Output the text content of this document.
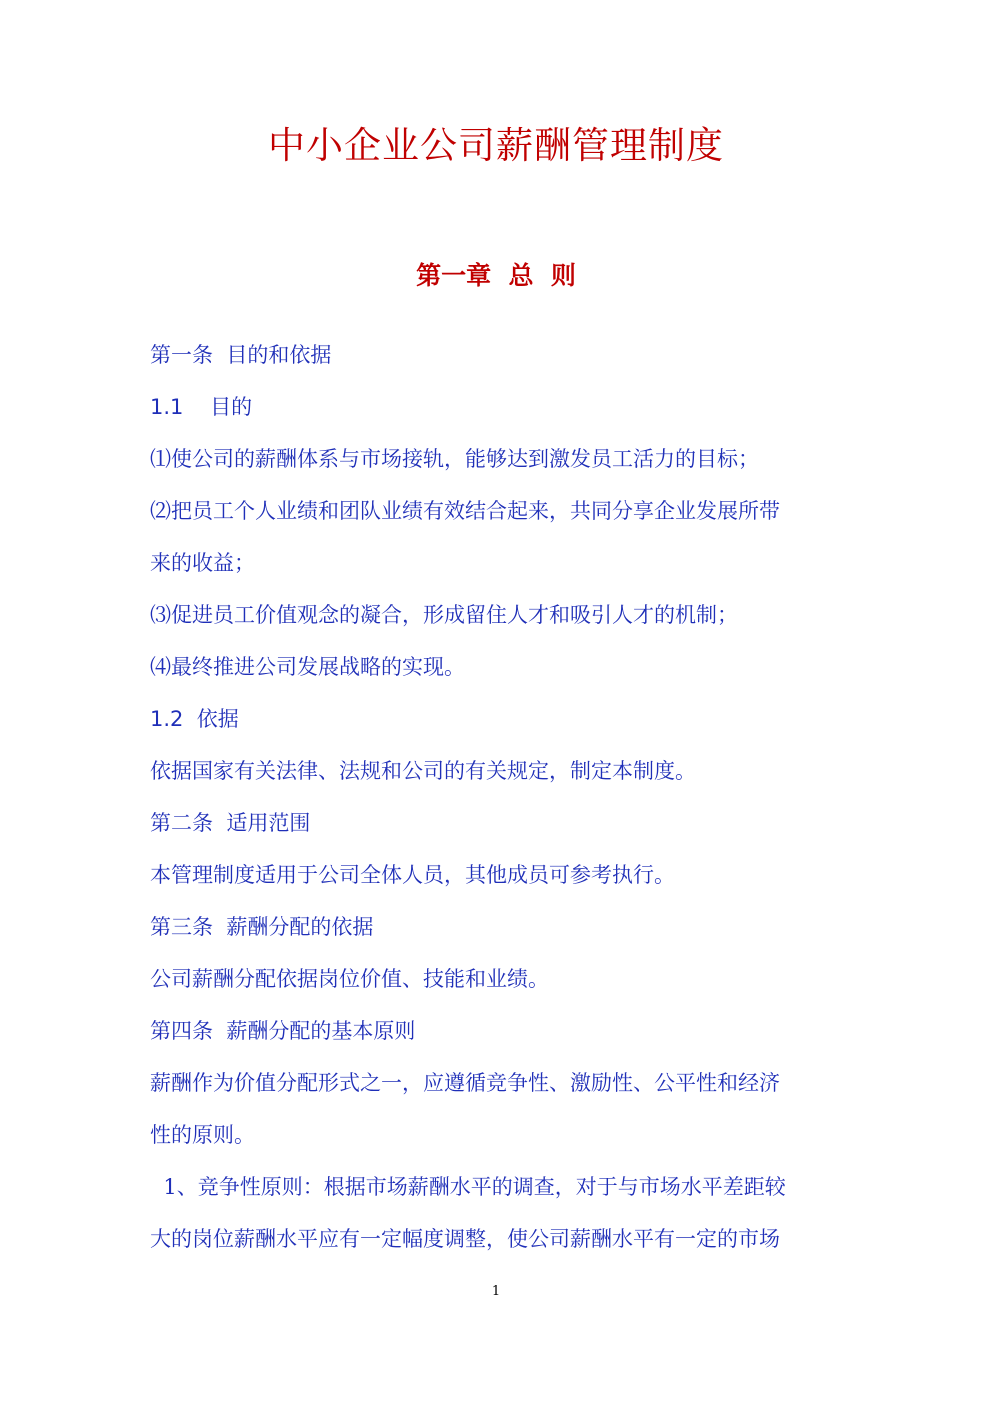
中小企业公司薪酬管理制度
第一章  总  则
第一条  目的和依据
1.1    目的
⑴使公司的薪酬体系与市场接轨，能够达到激发员工活力的目标；
⑵把员工个人业绩和团队业绩有效结合起来，共同分享企业发展所带
来的收益；
⑶促进员工价值观念的凝合，形成留住人才和吸引人才的机制；
⑷最终推进公司发展战略的实现。
1.2  依据
依据国家有关法律、法规和公司的有关规定，制定本制度。
第二条  适用范围
本管理制度适用于公司全体人员，其他成员可参考执行。
第三条  薪酬分配的依据
公司薪酬分配依据岗位价值、技能和业绩。
第四条  薪酬分配的基本原则
薪酬作为价值分配形式之一，应遵循竞争性、激励性、公平性和经济
性的原则。
1、竞争性原则：根据市场薪酬水平的调查，对于与市场水平差距较
大的岗位薪酬水平应有一定幅度调整，使公司薪酬水平有一定的市场
1
